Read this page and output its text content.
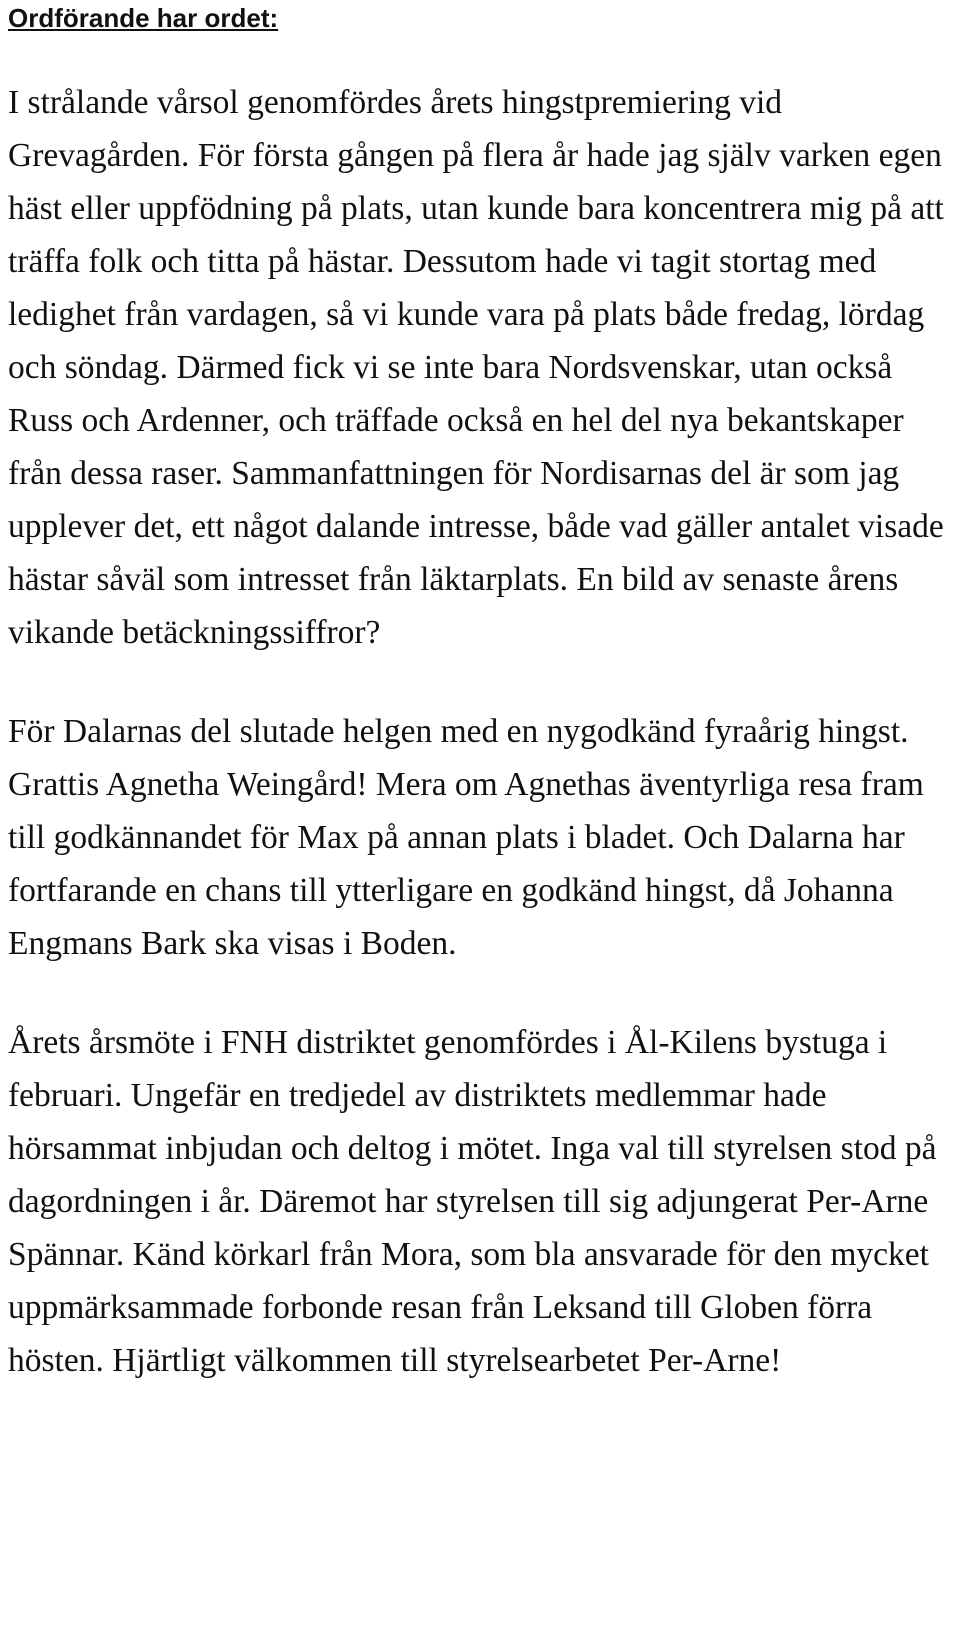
Ordförande har ordet:

I strålande vårsol genomfördes årets hingstpremiering vid Grevagården. För första gången på flera år hade jag själv varken egen häst eller uppfödning på plats, utan kunde bara koncentrera mig på att träffa folk och titta på hästar. Dessutom hade vi tagit stortag med ledighet från vardagen, så vi kunde vara på plats både fredag, lördag och söndag. Därmed fick vi se inte bara Nordsvenskar, utan också Russ och Ardenner, och träffade också en hel del nya bekantskaper från dessa raser. Sammanfattningen för Nordisarnas del är som jag upplever det, ett något dalande intresse, både vad gäller antalet visade hästar såväl som intresset från läktarplats. En bild av senaste årens vikande betäckningssiffror?

För Dalarnas del slutade helgen med en nygodkänd fyraårig hingst. Grattis Agnetha Weingård! Mera om Agnethas äventyrliga resa fram till godkännandet för Max på annan plats i bladet. Och Dalarna har fortfarande en chans till ytterligare en godkänd hingst, då Johanna Engmans Bark ska visas i Boden.

Årets årsmöte i FNH distriktet genomfördes i Ål-Kilens bystuga i februari. Ungefär en tredjedel av distriktets medlemmar hade hörsammat inbjudan och deltog i mötet. Inga val till styrelsen stod på dagordningen i år. Däremot har styrelsen till sig adjungerat Per-Arne Spännar. Känd körkarl från Mora, som bla ansvarade för den mycket uppmärksammade forbonde resan från Leksand till Globen förra hösten. Hjärtligt välkommen till styrelsearbetet Per-Arne!
